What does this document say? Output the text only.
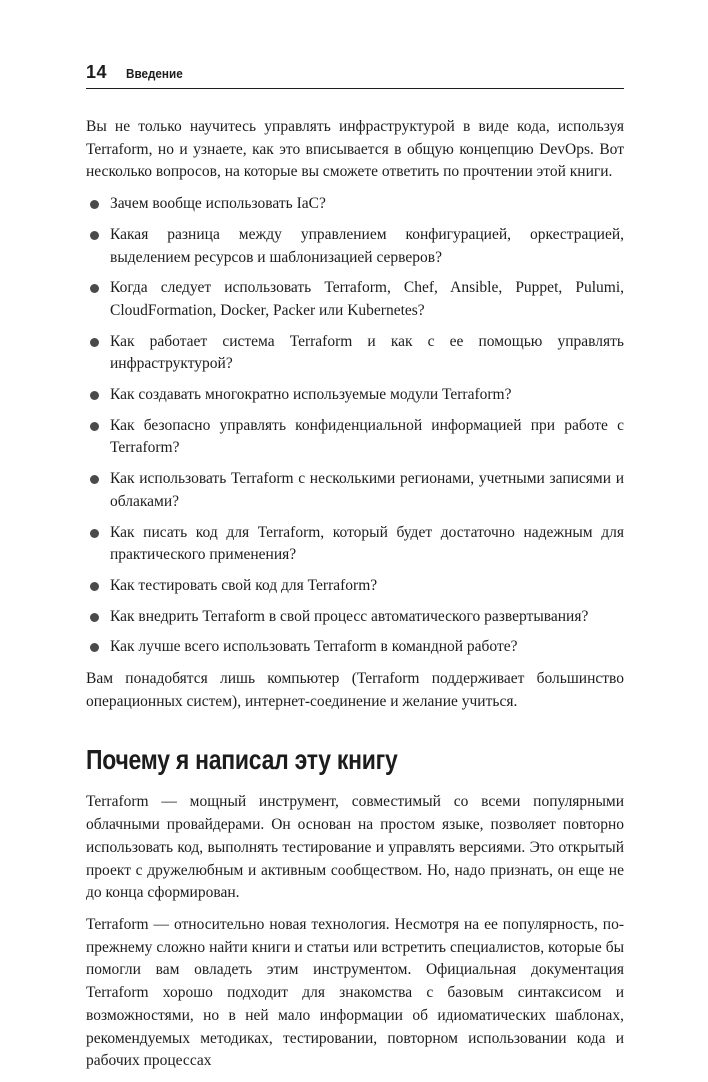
14 Введение

Вы не только научитесь управлять инфраструктурой в виде кода, используя Terraform, но и узнаете, как это вписывается в общую концепцию DevOps. Вот несколько вопросов, на которые вы сможете ответить по прочтении этой книги.

Зачем вообще использовать IaC?
Какая разница между управлением конфигурацией, оркестрацией, выделением ресурсов и шаблонизацией серверов?
Когда следует использовать Terraform, Chef, Ansible, Puppet, Pulumi, CloudFormation, Docker, Packer или Kubernetes?
Как работает система Terraform и как с ее помощью управлять инфраструктурой?
Как создавать многократно используемые модули Terraform?
Как безопасно управлять конфиденциальной информацией при работе с Terraform?
Как использовать Terraform с несколькими регионами, учетными записями и облаками?
Как писать код для Terraform, который будет достаточно надежным для практического применения?
Как тестировать свой код для Terraform?
Как внедрить Terraform в свой процесс автоматического развертывания?
Как лучше всего использовать Terraform в командной работе?

Вам понадобятся лишь компьютер (Terraform поддерживает большинство операционных систем), интернет-соединение и желание учиться.

Почему я написал эту книгу

Terraform — мощный инструмент, совместимый со всеми популярными облачными провайдерами. Он основан на простом языке, позволяет повторно использовать код, выполнять тестирование и управлять версиями. Это открытый проект с дружелюбным и активным сообществом. Но, надо признать, он еще не до конца сформирован.

Terraform — относительно новая технология. Несмотря на ее популярность, по-прежнему сложно найти книги и статьи или встретить специалистов, которые бы помогли вам овладеть этим инструментом. Официальная документация Terraform хорошо подходит для знакомства с базовым синтаксисом и возможностями, но в ней мало информации об идиоматических шаблонах, рекомендуемых методиках, тестировании, повторном использовании кода и рабочих процессах
